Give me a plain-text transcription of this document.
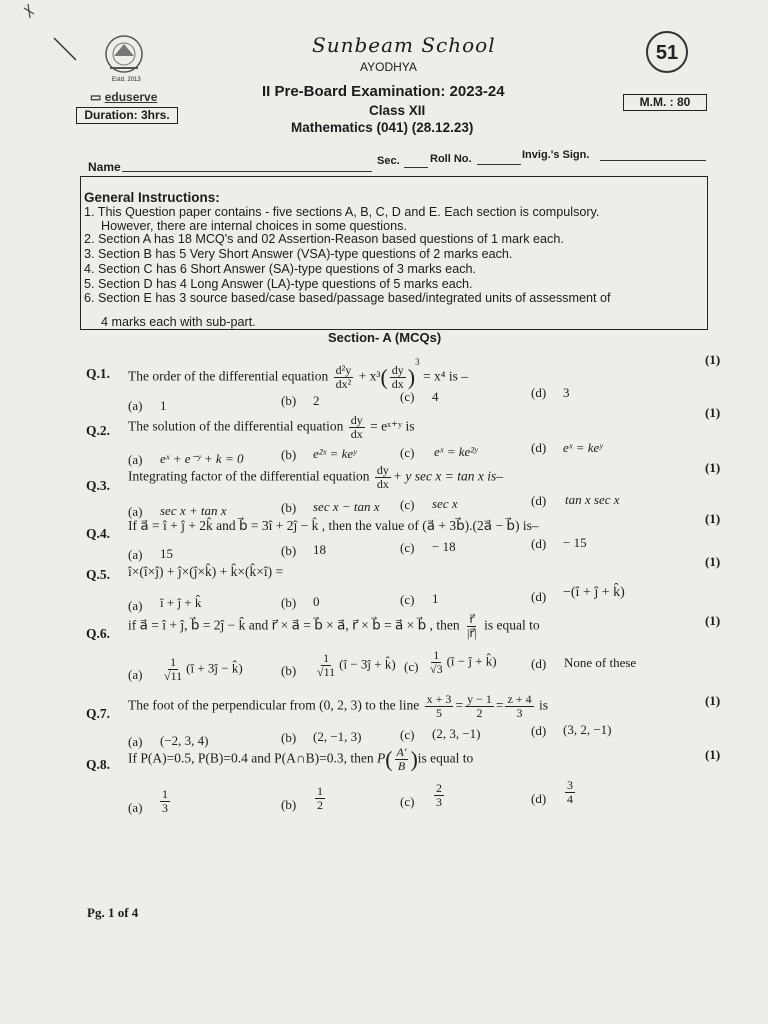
Estd. 2013
▭ eduserve
Duration: 3hrs.
Sunbeam School
AYODHYA
51
II Pre-Board Examination: 2023-24
Class XII
Mathematics (041) (28.12.23)
M.M. : 80
Name	Sec.	Roll No.	Invig.'s Sign.
General Instructions:
1. This Question paper contains - five sections A, B, C, D and E. Each section is compulsory.
However, there are internal choices in some questions.
2. Section A has 18 MCQ's and 02 Assertion-Reason based questions of 1 mark each.
3. Section B has 5 Very Short Answer (VSA)-type questions of 2 marks each.
4. Section C has 6 Short Answer (SA)-type questions of 3 marks each.
5. Section D has 4 Long Answer (LA)-type questions of 5 marks each.
6. Section E has 3 source based/case based/passage based/integrated units of assessment of
4 marks each with sub-part.
Section- A (MCQs)
Q.1. The order of the differential equation $\frac{\text{d²y}}{\text{dx²}} + x^3( \frac{dy}{dx} )^3 = x^4$ is –
(1)
(a) 1	(b) 2	(c) 4	(d) 3
Q.2. The solution of the differential equation $\frac{dy}{dx}$ = eˣ⁺ʸ is
(1)
(a) eˣ + e⁻ʸ + k = 0	(b) e²ˣ = keʸ	(c) eˣ = ke²ʸ	(d) eˣ = keʸ
Q.3.
Integrating factor of the differential equation $\frac{dy}{dx} + y$ sec x = tan x is–
(1)
(a) sec x + tan x	(b) sec x − tan x (c) sec x	(d) tan x sec x
Q.4.
If a⃗ = î + ĵ + 2k̂ and b⃗ = 3î + 2ĵ − k̂ , then the value of (a⃗ + 3b⃗).(2a⃗ − b⃗) is–	(1)
(a) 15	(b) 18	(c) − 18	(d) − 15
Q.5. î×(î×ĵ) + ĵ×(ĵ×k̂) + k̂×(k̂×î) =
(1)
(a) î + ĵ + k̂	(b) 0	(c) 1	(d) −(î + ĵ + k̂)
Q.6.
if a⃗ = î + ĵ, b⃗ = 2ĵ − k̂ and r⃗ × a⃗ = b⃗ × a⃗, r⃗ × b⃗ = a⃗ × b⃗ , then $\frac{r⃗}{|r⃗|}$ is equal to	(1)
$(a) \frac{1}{√11}$ (î + 3ĵ − k̂)	$(b) \frac{1}{√11}$ (î − 3ĵ + k̂) $(c) \frac{1}{√3}$ (î − ĵ + k̂)	(d) None of these
Q.7.
The foot of the perpendicular from (0, 2, 3) to the line $\frac{x + 3}{5} = \frac{y - 1}{2} = \frac{z + 4}{3}$ is	(1)
(a) (−2, 3, 4)	(b) (2, −1, 3)	(c) (2, 3, −1)	(d) (3, 2, −1)
Q.8. If P(A)=0.5, P(B)=0.4 and P(A∩B)=0.3, then $P( \frac{A'}{B} )is$ equal to	(1)
$(a) \frac{1}{3}$	$(b) \frac{1}{2}$	$(c) \frac{2}{3}$	$(d) \frac{3}{4}$
Pg. 1 of 4
